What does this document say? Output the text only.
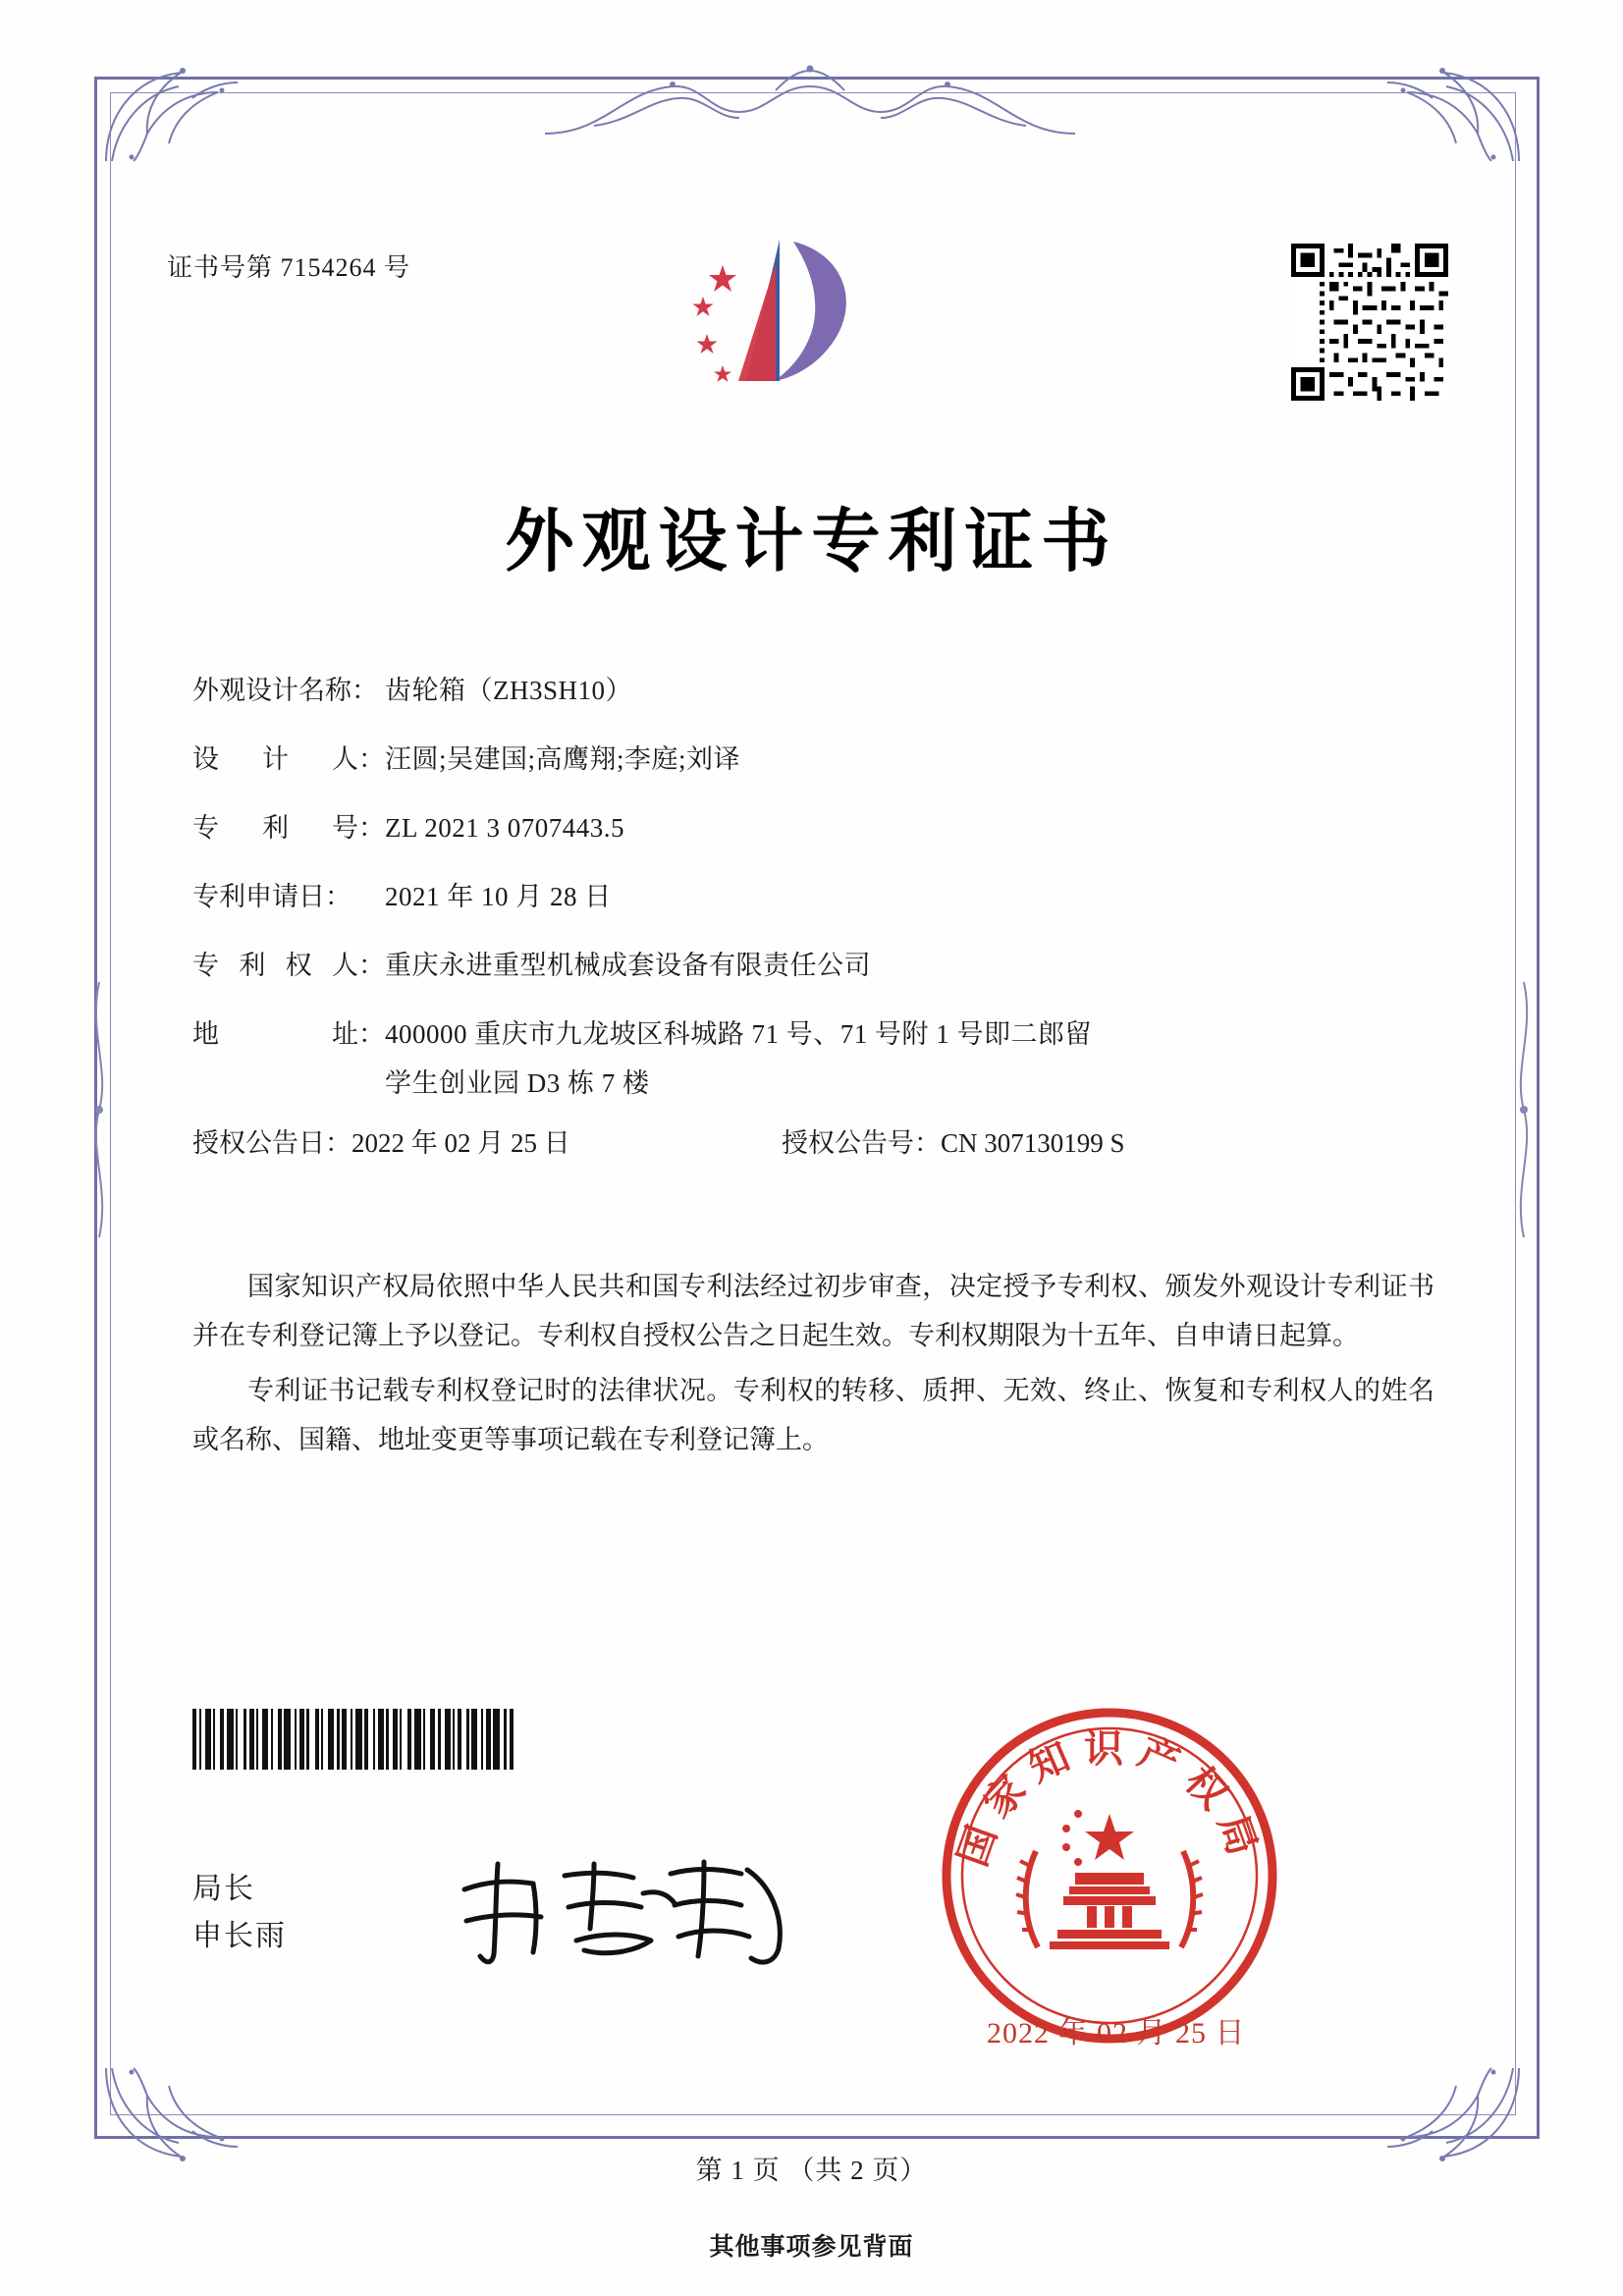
证书号第 7154264 号
外观设计专利证书
外观设计名称： 齿轮箱（ZH3SH10）
设 计 人： 汪圆;吴建国;高鹰翔;李庭;刘译
专 利 号： ZL 2021 3 0707443.5
专利申请日：	2021 年 10 月 28 日
专 利 权 人： 重庆永进重型机械成套设备有限责任公司
地	址： 400000 重庆市九龙坡区科城路 71 号、71 号附 1 号即二郎留
学生创业园 D3 栋 7 楼
授权公告日：2022 年 02 月 25 日	授权公告号：CN 307130199 S

国家知识产权局依照中华人民共和国专利法经过初步审查，决定授予专利权、颁发外观设计专利证书并在专利登记簿上予以登记。专利权自授权公告之日起生效。专利权期限为十五年、自申请日起算。

专利证书记载专利权登记时的法律状况。专利权的转移、质押、无效、终止、恢复和专利权人的姓名或名称、国籍、地址变更等事项记载在专利登记簿上。

局长
申长雨
国家知识产权局
2022 年 02 月 25 日
第 1 页 （共 2 页）
其他事项参见背面
